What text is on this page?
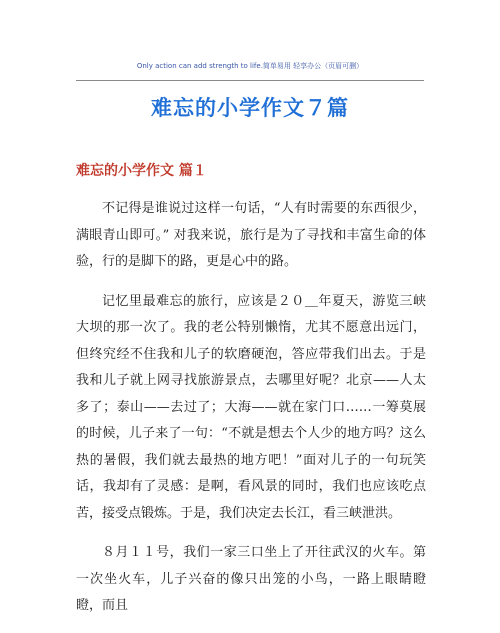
Only action can add strength to life.简单易用 轻享办公（页眉可删）
难忘的小学作文７篇
难忘的小学作文 篇１

不记得是谁说过这样一句话，“人有时需要的东西很少，满眼青山即可。” 对我来说，旅行是为了寻找和丰富生命的体验，行的是脚下的路，更是心中的路。

记忆里最难忘的旅行，应该是２０＿年夏天，游览三峡大坝的那一次了。我的老公特别懒惰，尤其不愿意出远门，但终究经不住我和儿子的软磨硬泡，答应带我们出去。于是我和儿子就上网寻找旅游景点，去哪里好呢？北京——人太多了；泰山——去过了；大海——就在家门口……一筹莫展的时候，儿子来了一句：“不就是想去个人少的地方吗？这么热的暑假，我们就去最热的地方吧！”面对儿子的一句玩笑话，我却有了灵感：是啊，看风景的同时，我们也应该吃点苦，接受点锻炼。于是，我们决定去长江，看三峡泄洪。

８月１１号，我们一家三口坐上了开往武汉的火车。第一次坐火车，儿子兴奋的像只出笼的小鸟，一路上眼睛瞪瞪，而且
